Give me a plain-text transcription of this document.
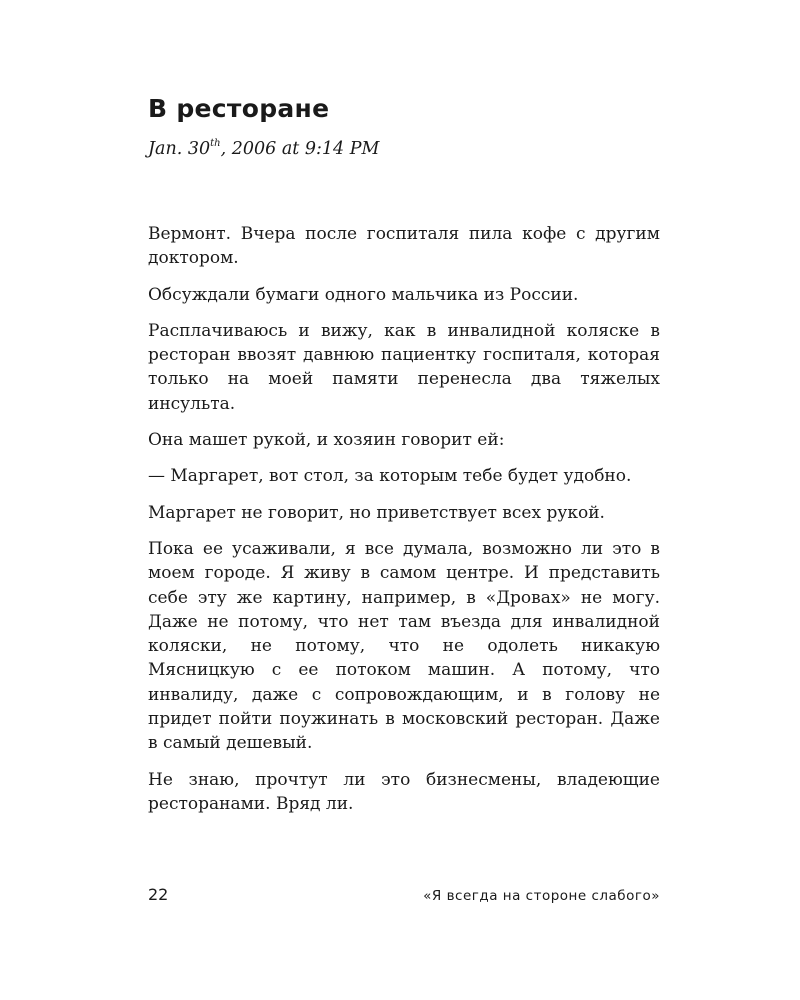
В ресторане
Jan. 30th, 2006 at 9:14 PM

Вермонт. Вчера после госпиталя пила кофе с другим доктором.

Обсуждали бумаги одного мальчика из России.

Расплачиваюсь и вижу, как в инвалидной коляске в ресторан ввозят давнюю пациентку госпиталя, которая только на моей памяти перенесла два тяжелых инсульта.

Она машет рукой, и хозяин говорит ей:

— Маргарет, вот стол, за которым тебе будет удобно.

Маргарет не говорит, но приветствует всех рукой.

Пока ее усаживали, я все думала, возможно ли это в моем городе. Я живу в самом центре. И представить себе эту же картину, например, в «Дровах» не могу. Даже не потому, что нет там въезда для инвалидной коляски, не потому, что не одолеть никакую Мясницкую с ее потоком машин. А потому, что инвалиду, даже с сопровождающим, и в голову не придет пойти поужинать в московский ресторан. Даже в самый дешевый.

Не знаю, прочтут ли это бизнесмены, владеющие ресторанами. Вряд ли.

22	«Я всегда на стороне слабого»
